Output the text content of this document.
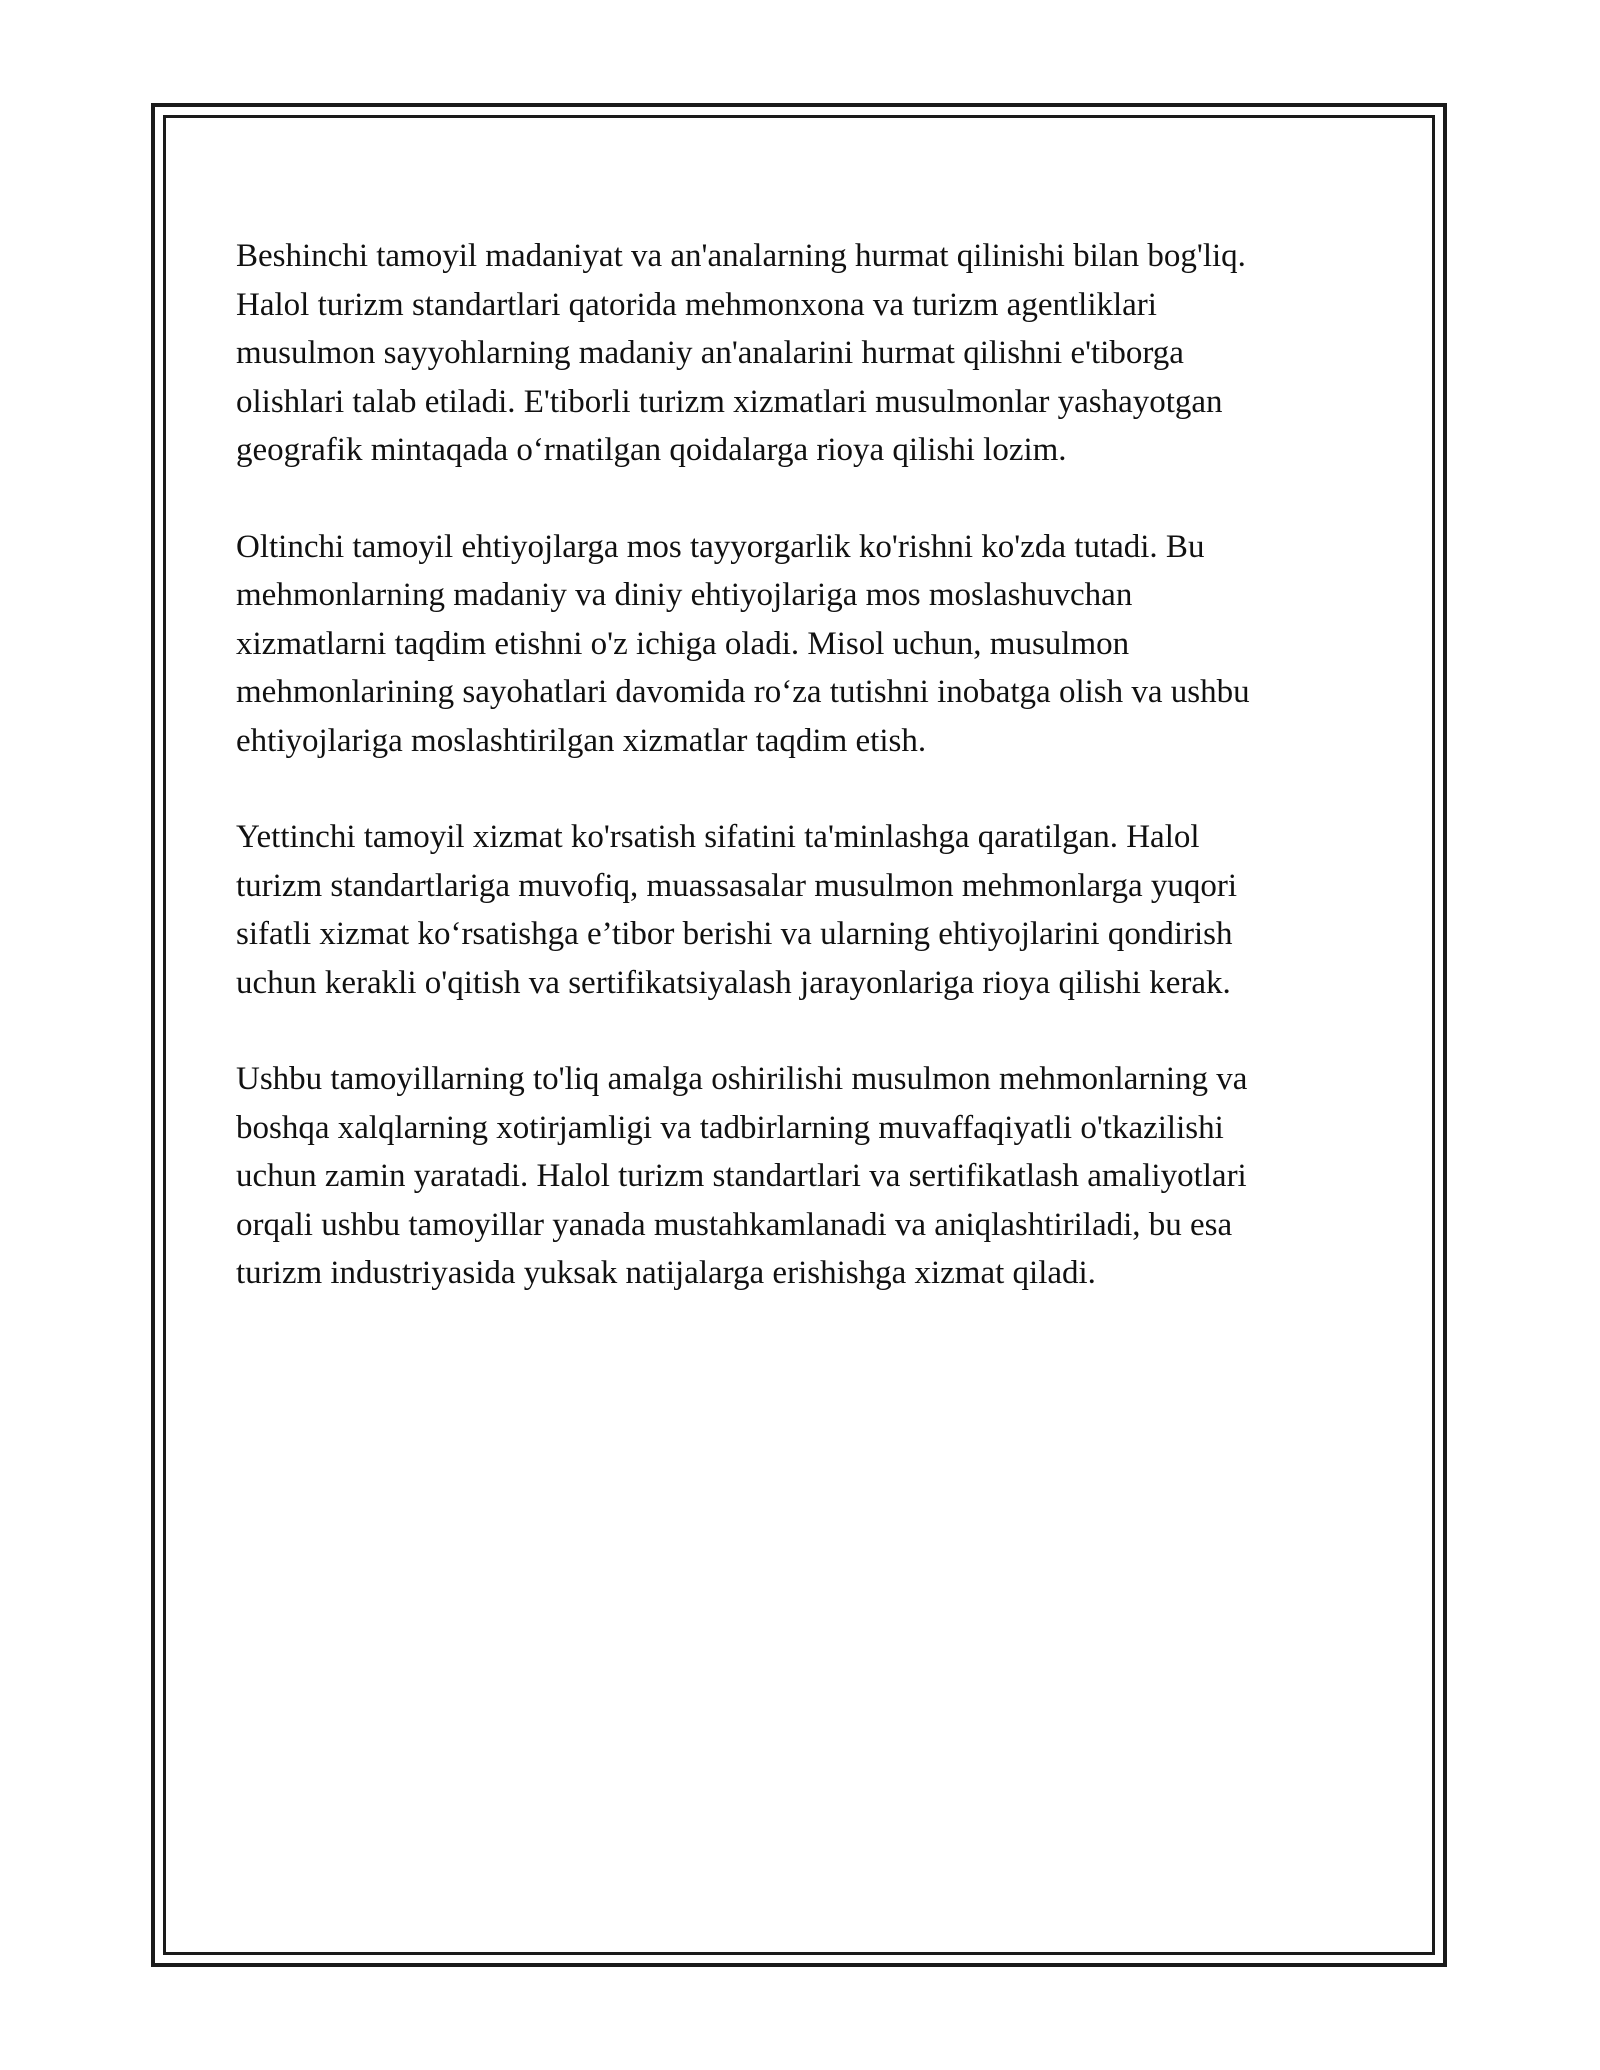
Beshinchi tamoyil madaniyat va an'analarning hurmat qilinishi bilan bog'liq.
Halol turizm standartlari qatorida mehmonxona va turizm agentliklari
musulmon sayyohlarning madaniy an'analarini hurmat qilishni e'tiborga
olishlari talab etiladi. E'tiborli turizm xizmatlari musulmonlar yashayotgan
geografik mintaqada oʻrnatilgan qoidalarga rioya qilishi lozim.

Oltinchi tamoyil ehtiyojlarga mos tayyorgarlik ko'rishni ko'zda tutadi. Bu
mehmonlarning madaniy va diniy ehtiyojlariga mos moslashuvchan
xizmatlarni taqdim etishni o'z ichiga oladi. Misol uchun, musulmon
mehmonlarining sayohatlari davomida roʻza tutishni inobatga olish va ushbu
ehtiyojlariga moslashtirilgan xizmatlar taqdim etish.

Yettinchi tamoyil xizmat ko'rsatish sifatini ta'minlashga qaratilgan. Halol
turizm standartlariga muvofiq, muassasalar musulmon mehmonlarga yuqori
sifatli xizmat koʻrsatishga e’tibor berishi va ularning ehtiyojlarini qondirish
uchun kerakli o'qitish va sertifikatsiyalash jarayonlariga rioya qilishi kerak.

Ushbu tamoyillarning to'liq amalga oshirilishi musulmon mehmonlarning va
boshqa xalqlarning xotirjamligi va tadbirlarning muvaffaqiyatli o'tkazilishi
uchun zamin yaratadi. Halol turizm standartlari va sertifikatlash amaliyotlari
orqali ushbu tamoyillar yanada mustahkamlanadi va aniqlashtiriladi, bu esa
turizm industriyasida yuksak natijalarga erishishga xizmat qiladi.
